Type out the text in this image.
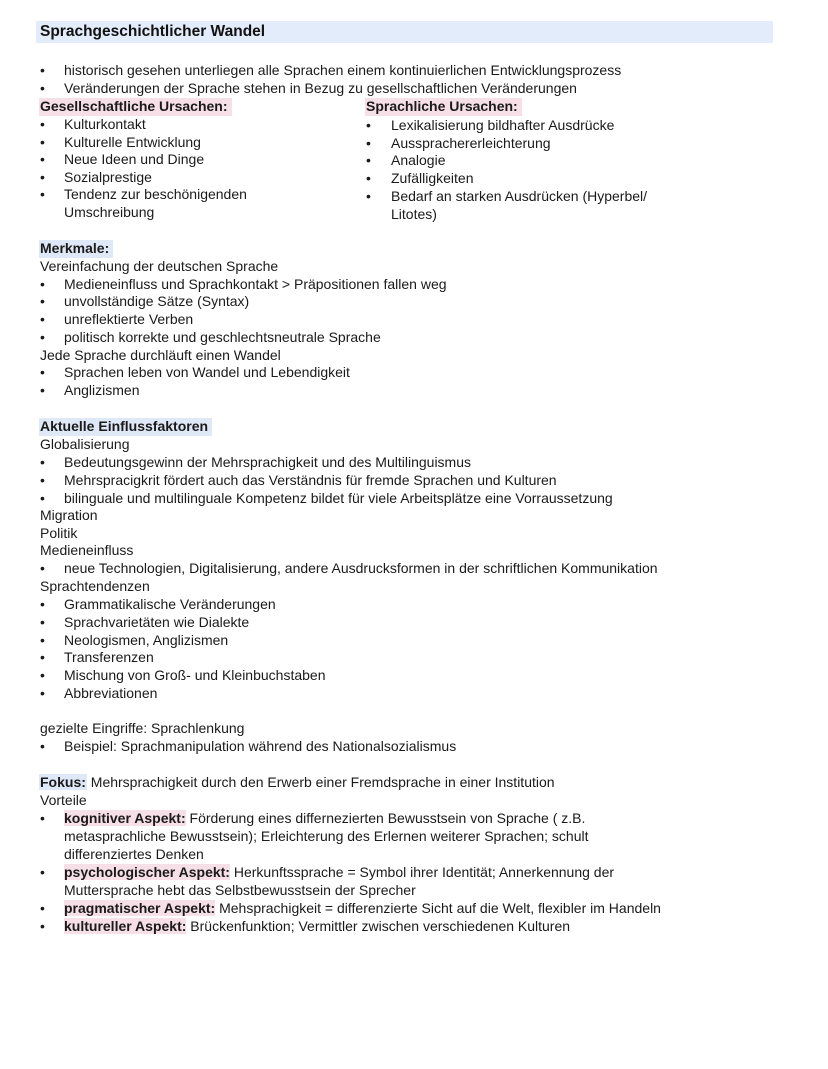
Sprachgeschichtlicher Wandel
• historisch gesehen unterliegen alle Sprachen einem kontinuierlichen Entwicklungsprozess
• Veränderungen der Sprache stehen in Bezug zu gesellschaftlichen Veränderungen
Gesellschaftliche Ursachen:
• Kulturkontakt
• Kulturelle Entwicklung
• Neue Ideen und Dinge
• Sozialprestige
• Tendenz zur beschönigenden
Umschreibung
Sprachliche Ursachen:
• Lexikalisierung bildhafter Ausdrücke
• Aussprachererleichterung
• Analogie
• Zufälligkeiten
• Bedarf an starken Ausdrücken (Hyperbel/
Litotes)
Merkmale:
Vereinfachung der deutschen Sprache
• Medieneinfluss und Sprachkontakt > Präpositionen fallen weg
• unvollständige Sätze (Syntax)
• unreflektierte Verben
• politisch korrekte und geschlechtsneutrale Sprache
Jede Sprache durchläuft einen Wandel
• Sprachen leben von Wandel und Lebendigkeit
• Anglizismen
Aktuelle Einflussfaktoren
Globalisierung
• Bedeutungsgewinn der Mehrsprachigkeit und des Multilinguismus
• Mehrspracigkrit fördert auch das Verständnis für fremde Sprachen und Kulturen
• bilinguale und multilinguale Kompetenz bildet für viele Arbeitsplätze eine Vorraussetzung
Migration
Politik
Medieneinfluss
• neue Technologien, Digitalisierung, andere Ausdrucksformen in der schriftlichen Kommunikation
Sprachtendenzen
• Grammatikalische Veränderungen
• Sprachvarietäten wie Dialekte
• Neologismen, Anglizismen
• Transferenzen
• Mischung von Groß- und Kleinbuchstaben
• Abbreviationen
gezielte Eingriffe: Sprachlenkung
• Beispiel: Sprachmanipulation während des Nationalsozialismus
Fokus: Mehrsprachigkeit durch den Erwerb einer Fremdsprache in einer Institution
Vorteile
• kognitiver Aspekt: Förderung eines differnezierten Bewusstsein von Sprache ( z.B.
metasprachliche Bewusstsein); Erleichterung des Erlernen weiterer Sprachen; schult
differenziertes Denken
• psychologischer Aspekt: Herkunftssprache = Symbol ihrer Identität; Annerkennung der
Muttersprache hebt das Selbstbewusstsein der Sprecher
• pragmatischer Aspekt: Mehsprachigkeit = differenzierte Sicht auf die Welt, flexibler im Handeln
• kultureller Aspekt: Brückenfunktion; Vermittler zwischen verschiedenen Kulturen
